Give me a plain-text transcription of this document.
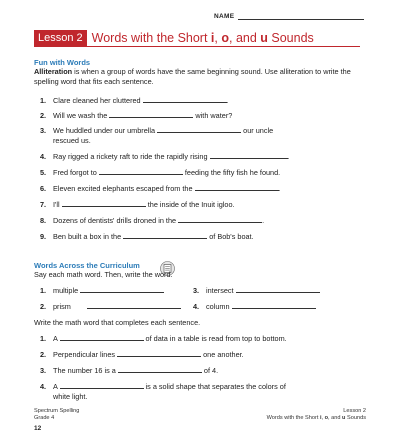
NAME
Lesson 2 Words with the Short i, o, and u Sounds
Fun with Words
Alliteration is when a group of words have the same beginning sound. Use alliteration to write the spelling word that fits each sentence.
1. Clare cleaned her cluttered	.
2. Will we wash the	with water?
3. We huddled under our umbrella	our uncle
rescued us.
4. Ray rigged a rickety raft to ride the rapidly rising	.
5. Fred forgot to	feeding the fifty fish he found.
6. Eleven excited elephants escaped from the	.
7. I'll	the inside of the Inuit igloo.
8. Dozens of dentists' drills droned in the	.
9. Ben built a box in the	of Bob's boat.
Words Across the Curriculum
Say each math word. Then, write the word.
1. multiple	3. intersect
2. prism	4. column
Write the math word that completes each sentence.
1. A	of data in a table is read from top to bottom.
2. Perpendicular lines	one another.
3. The number 16 is a	of 4.
4. A	is a solid shape that separates the colors of
white light.
Spectrum Spelling
Grade 4
12
Lesson 2
Words with the Short i, o, and u Sounds
